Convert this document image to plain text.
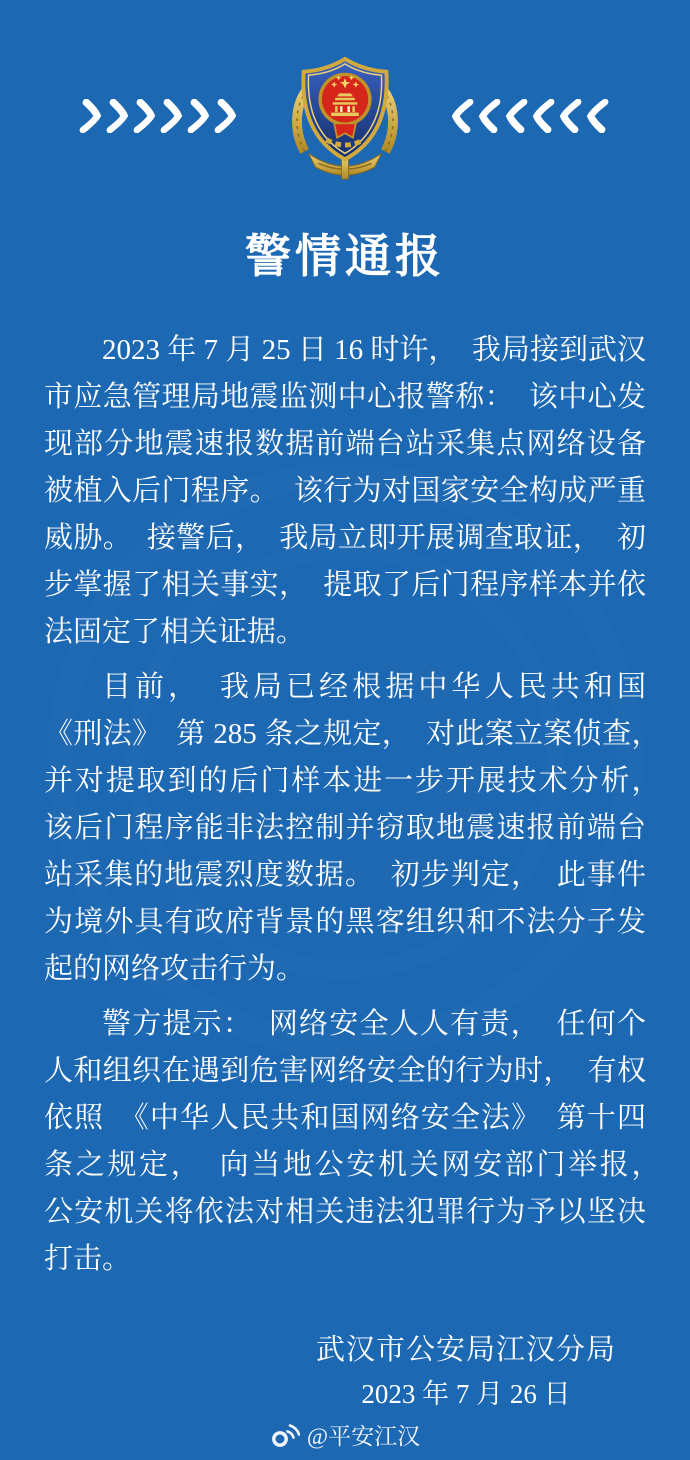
警情通报

2023 年 7 月 25 日 16 时许，　我局接到武汉市应急管理局地震监测中心报警称：　该中心发现部分地震速报数据前端台站采集点网络设备被植入后门程序。　该行为对国家安全构成严重威胁。　接警后，　我局立即开展调查取证，　初步掌握了相关事实，　提取了后门程序样本并依法固定了相关证据。

目前，　我局已经根据中华人民共和国　《刑法》　第 285 条之规定，　对此案立案侦查，　并对提取到的后门样本进一步开展技术分析，　该后门程序能非法控制并窃取地震速报前端台站采集的地震烈度数据。　初步判定，　此事件为境外具有政府背景的黑客组织和不法分子发起的网络攻击行为。

警方提示：　网络安全人人有责，　任何个人和组织在遇到危害网络安全的行为时，　有权依照　《中华人民共和国网络安全法》　第十四条之规定，　向当地公安机关网安部门举报，　公安机关将依法对相关违法犯罪行为予以坚决打击。

武汉市公安局江汉分局
2023 年 7 月 26 日
@平安江汉
